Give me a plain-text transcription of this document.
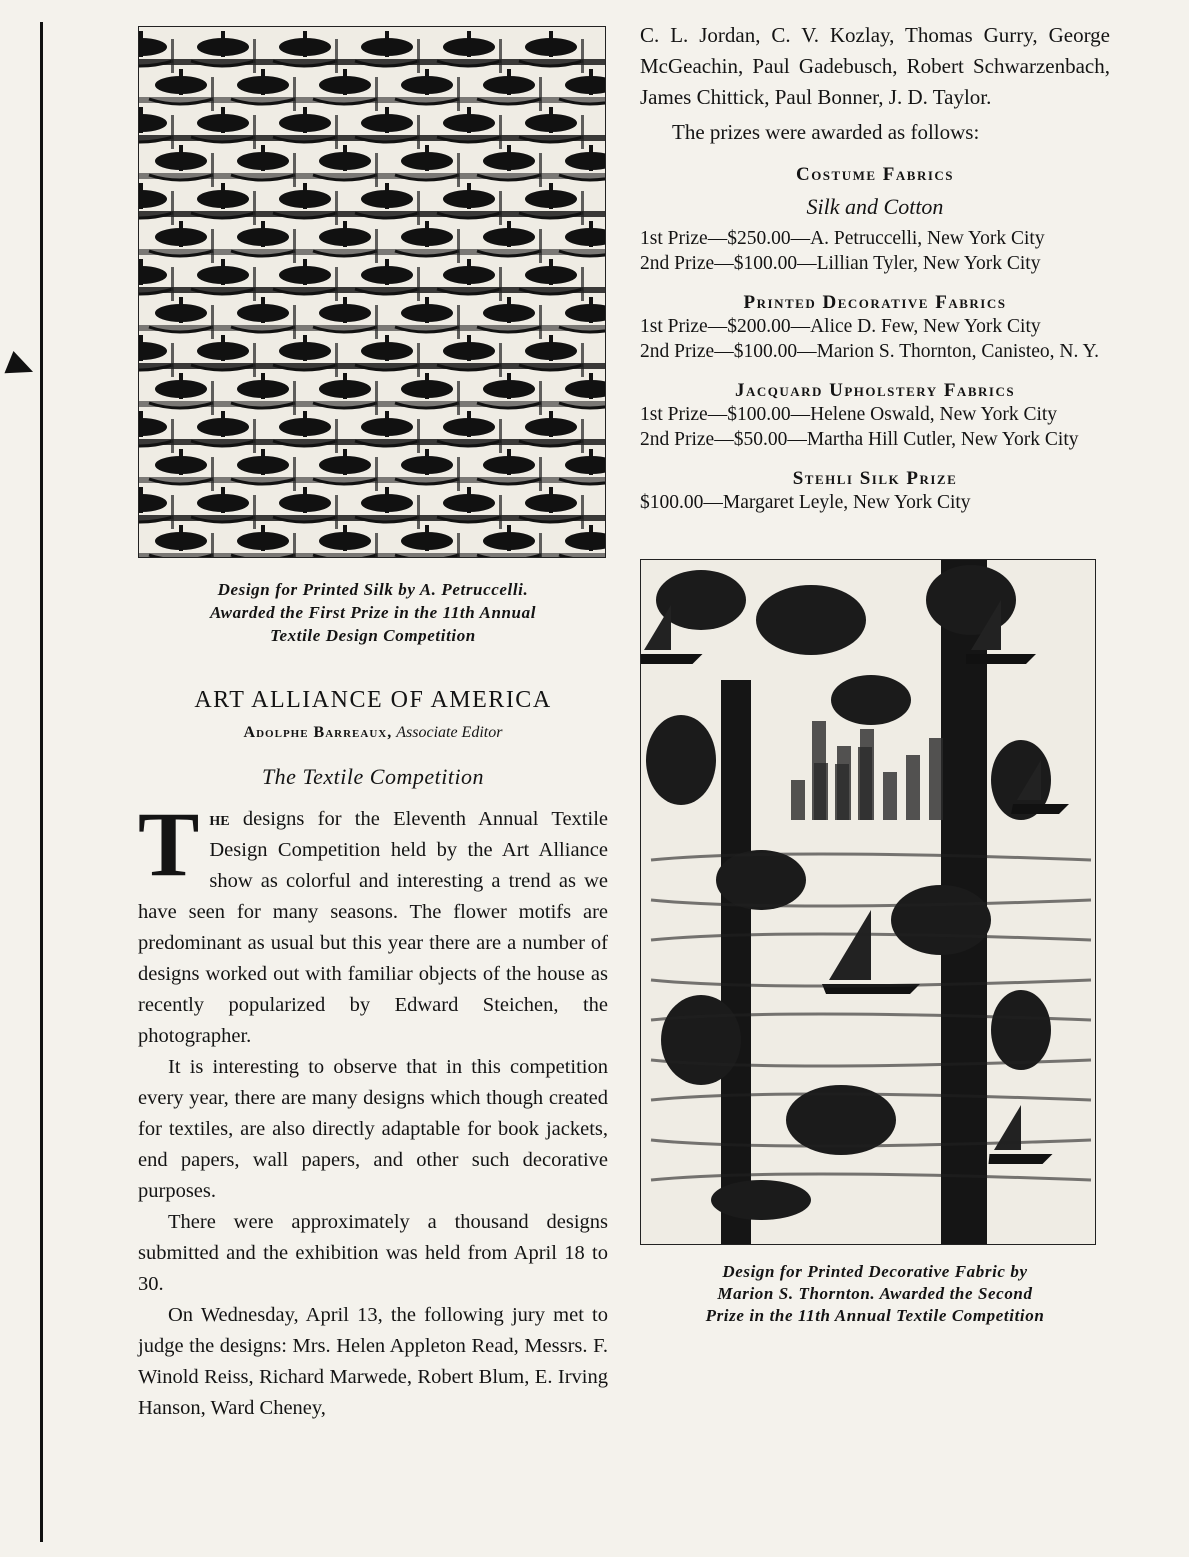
Design for Printed Silk by A. Petruccelli.
Awarded the First Prize in the 11th Annual
Textile Design Competition
ART ALLIANCE OF AMERICA
Adolphe Barreaux, Associate Editor
The Textile Competition

The designs for the Eleventh Annual Textile Design Competition held by the Art Alliance show as colorful and interesting a trend as we have seen for many seasons. The flower motifs are predominant as usual but this year there are a number of designs worked out with familiar objects of the house as recently popularized by Edward Steichen, the photographer.

It is interesting to observe that in this competition every year, there are many designs which though created for textiles, are also directly adaptable for book jackets, end papers, wall papers, and other such decorative purposes.

There were approximately a thousand designs submitted and the exhibition was held from April 18 to 30.

On Wednesday, April 13, the following jury met to judge the designs: Mrs. Helen Appleton Read, Messrs. F. Winold Reiss, Richard Marwede, Robert Blum, E. Irving Hanson, Ward Cheney,

C. L. Jordan, C. V. Kozlay, Thomas Gurry, George McGeachin, Paul Gadebusch, Robert Schwarzenbach, James Chittick, Paul Bonner, J. D. Taylor.

The prizes were awarded as follows:

Costume Fabrics
Silk and Cotton

1st Prize—$250.00—A. Petruccelli, New York City

2nd Prize—$100.00—Lillian Tyler, New York City

Printed Decorative Fabrics

1st Prize—$200.00—Alice D. Few, New York City

2nd Prize—$100.00—Marion S. Thornton, Canisteo, N. Y.

Jacquard Upholstery Fabrics

1st Prize—$100.00—Helene Oswald, New York City

2nd Prize—$50.00—Martha Hill Cutler, New York City

Stehli Silk Prize

$100.00—Margaret Leyle, New York City

Design for Printed Decorative Fabric by
Marion S. Thornton. Awarded the Second
Prize in the 11th Annual Textile Competition
